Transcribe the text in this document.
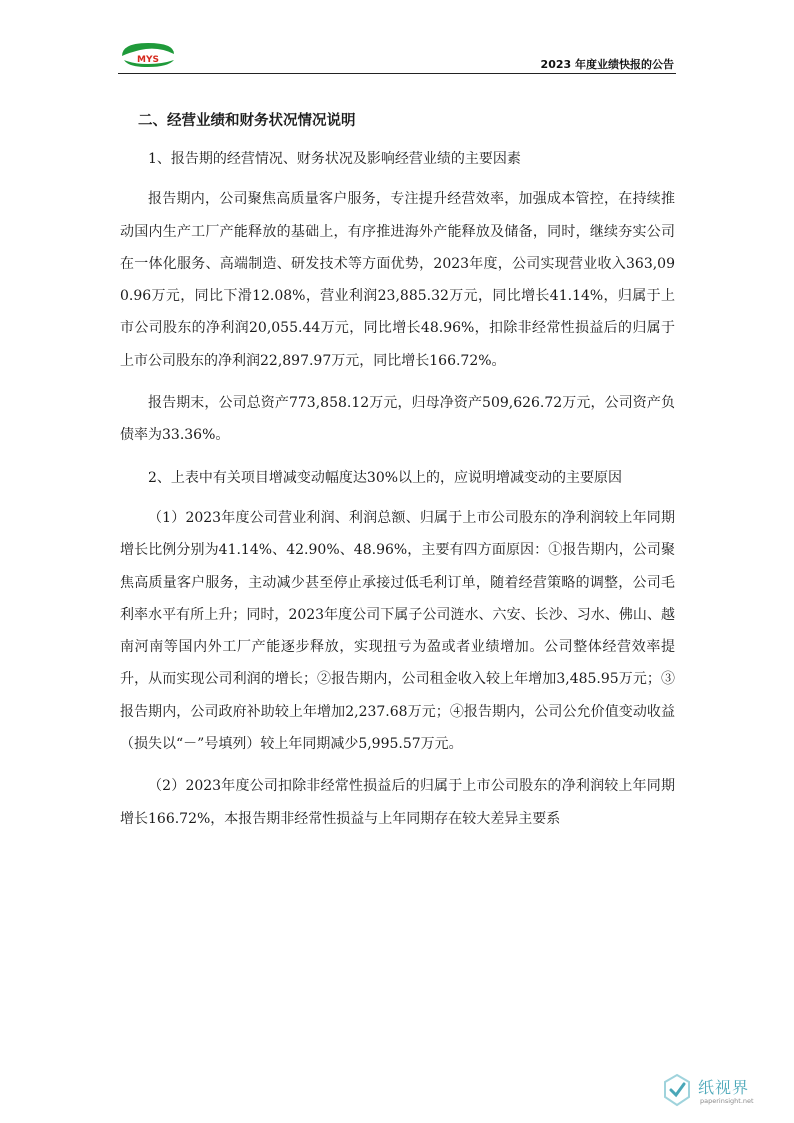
MYS	2023 年度业绩快报的公告
二、经营业绩和财务状况情况说明

1、报告期的经营情况、财务状况及影响经营业绩的主要因素

报告期内，公司聚焦高质量客户服务，专注提升经营效率，加强成本管控，在持续推动国内生产工厂产能释放的基础上，有序推进海外产能释放及储备，同时，继续夯实公司在一体化服务、高端制造、研发技术等方面优势，2023年度，公司实现营业收入363,090.96万元，同比下滑12.08%，营业利润23,885.32万元，同比增长41.14%，归属于上市公司股东的净利润20,055.44万元，同比增长48.96%，扣除非经常性损益后的归属于上市公司股东的净利润22,897.97万元，同比增长166.72%。

报告期末，公司总资产773,858.12万元，归母净资产509,626.72万元，公司资产负债率为33.36%。

2、上表中有关项目增减变动幅度达30%以上的，应说明增减变动的主要原因

（1）2023年度公司营业利润、利润总额、归属于上市公司股东的净利润较上年同期增长比例分别为41.14%、42.90%、48.96%，主要有四方面原因：①报告期内，公司聚焦高质量客户服务，主动减少甚至停止承接过低毛利订单，随着经营策略的调整，公司毛利率水平有所上升；同时，2023年度公司下属子公司涟水、六安、长沙、习水、佛山、越南河南等国内外工厂产能逐步释放，实现扭亏为盈或者业绩增加。公司整体经营效率提升，从而实现公司利润的增长；②报告期内，公司租金收入较上年增加3,485.95万元；③报告期内，公司政府补助较上年增加2,237.68万元；④报告期内，公司公允价值变动收益（损失以“－”号填列）较上年同期减少5,995.57万元。

（2）2023年度公司扣除非经常性损益后的归属于上市公司股东的净利润较上年同期增长166.72%，本报告期非经常性损益与上年同期存在较大差异主要系

纸视界
paperinsight.net
